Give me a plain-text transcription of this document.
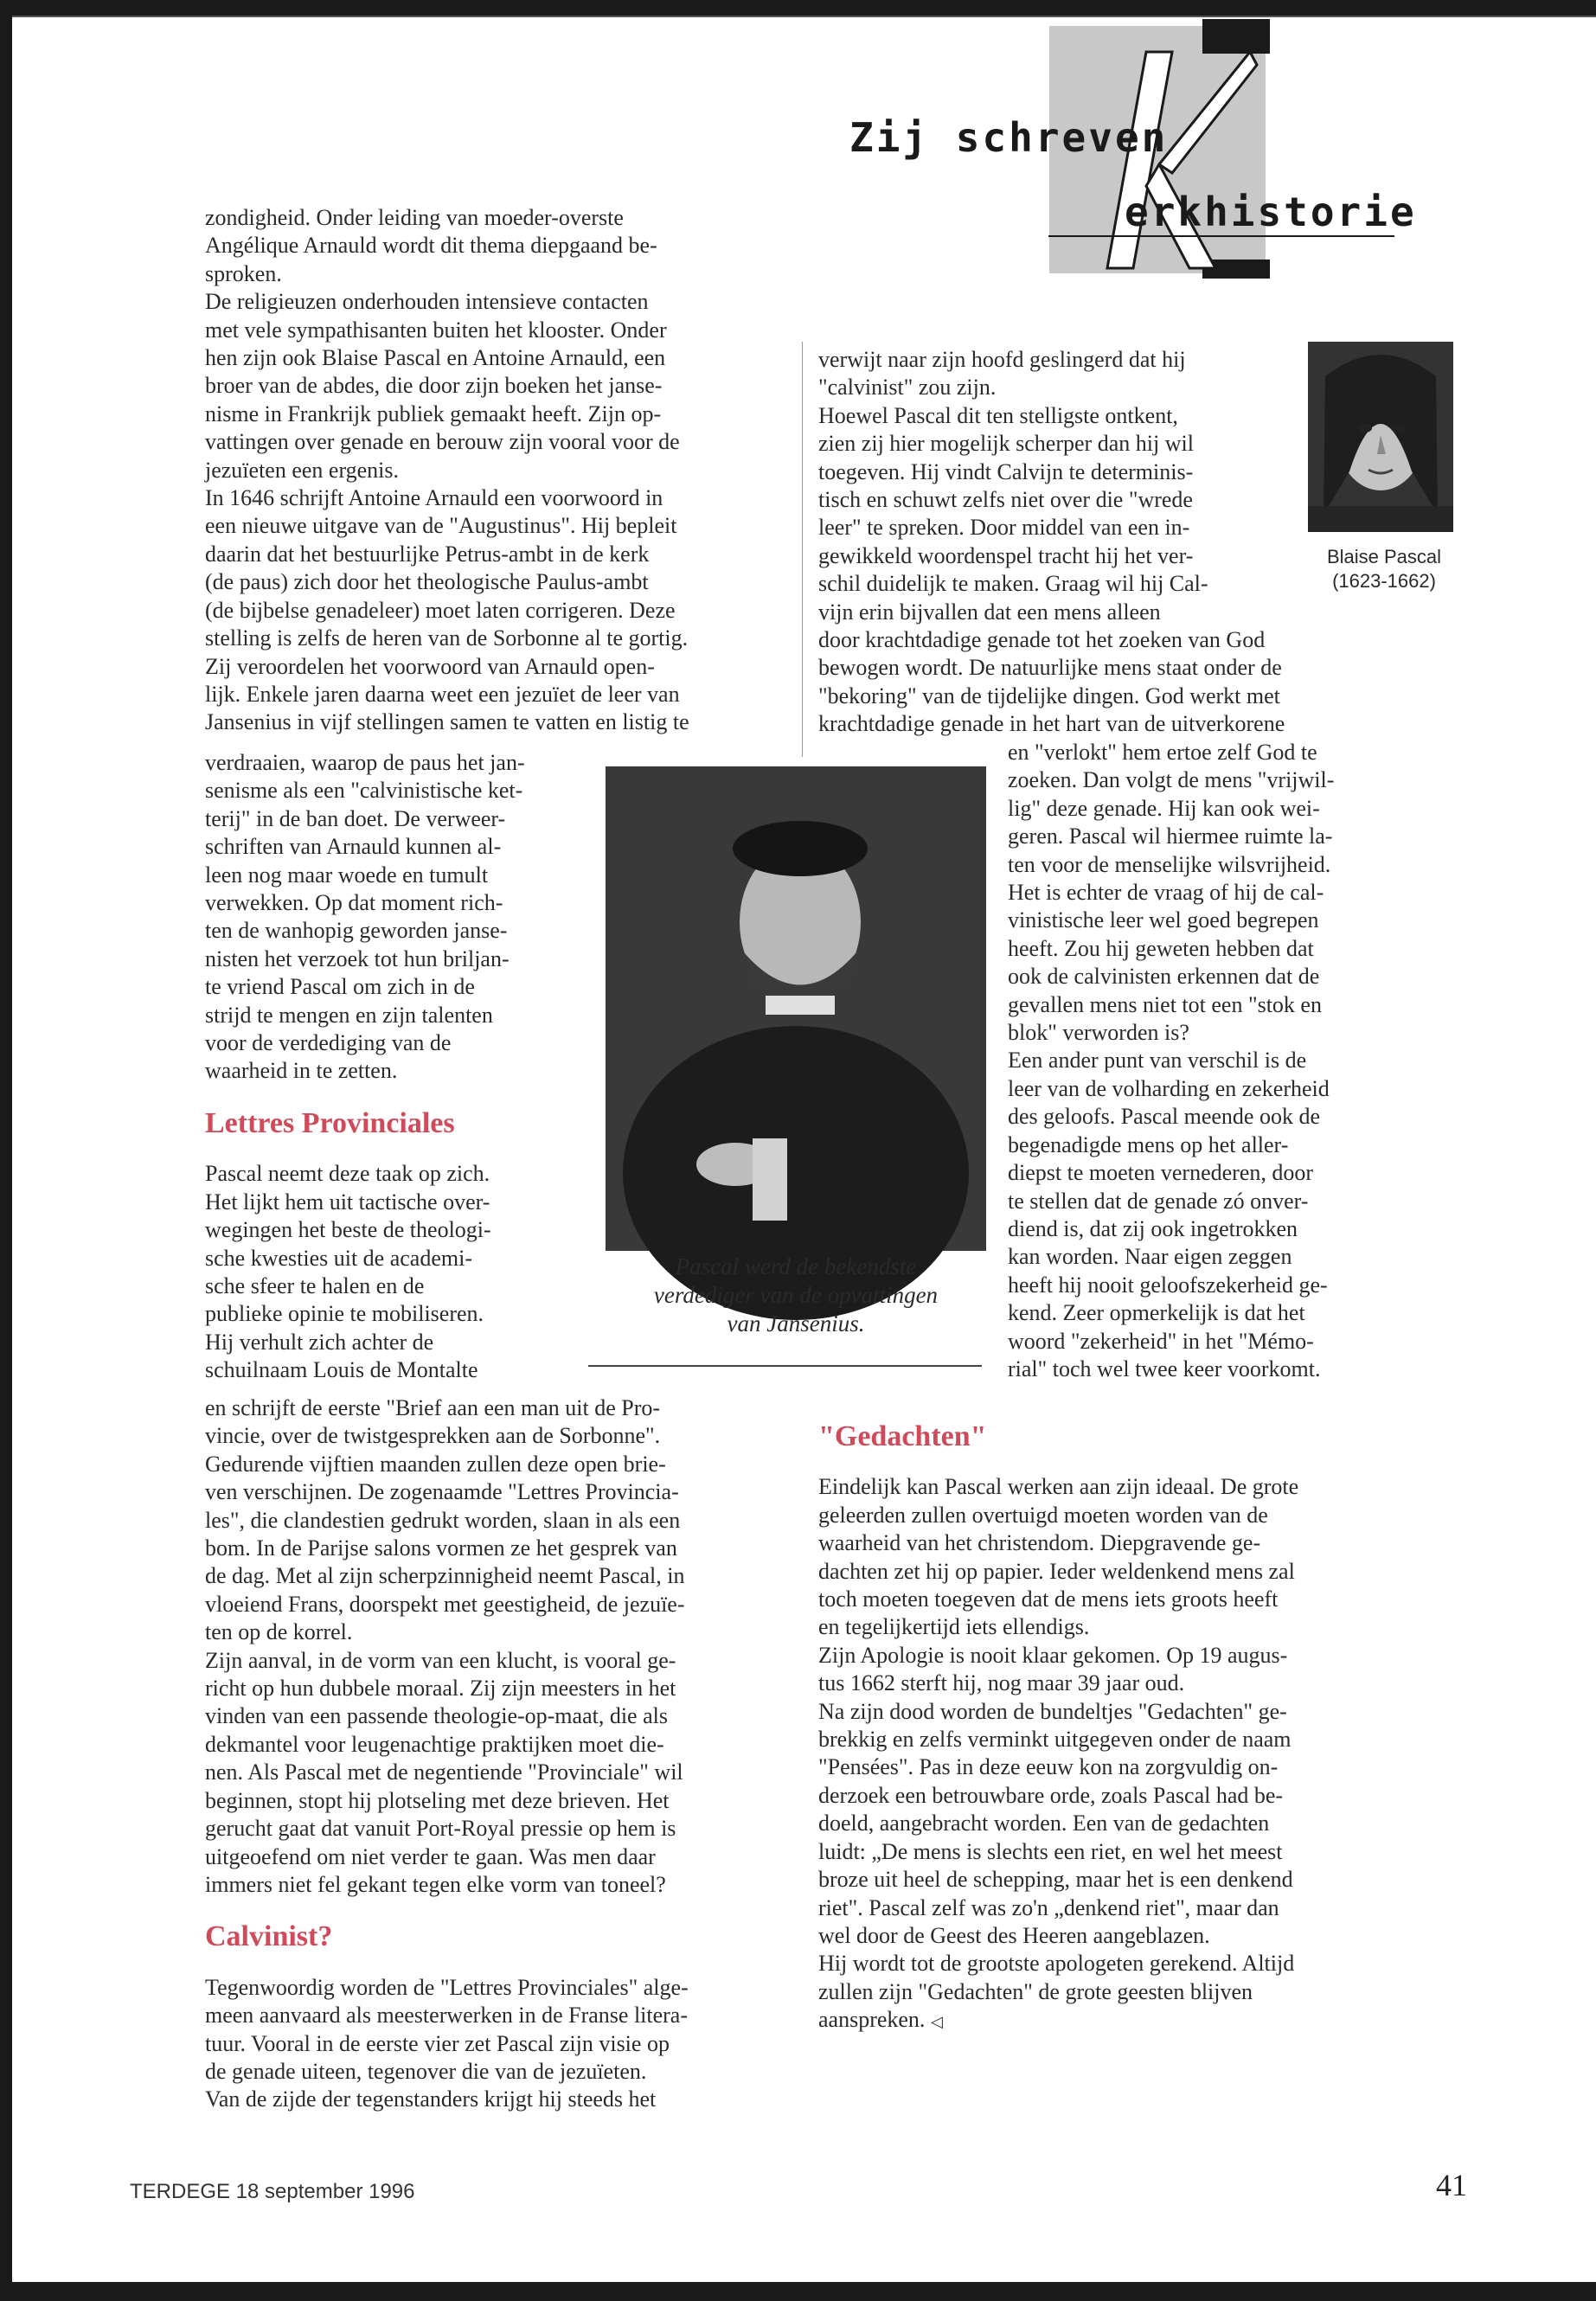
Zij schreven
erkhistorie

zondigheid. Onder leiding van moeder-overste

Angélique Arnauld wordt dit thema diepgaand be-

sproken.

De religieuzen onderhouden intensieve contacten

met vele sympathisanten buiten het klooster. Onder

hen zijn ook Blaise Pascal en Antoine Arnauld, een

broer van de abdes, die door zijn boeken het janse-

nisme in Frankrijk publiek gemaakt heeft. Zijn op-

vattingen over genade en berouw zijn vooral voor de

jezuïeten een ergenis.

In 1646 schrijft Antoine Arnauld een voorwoord in

een nieuwe uitgave van de "Augustinus". Hij bepleit

daarin dat het bestuurlijke Petrus-ambt in de kerk

(de paus) zich door het theologische Paulus-ambt

(de bijbelse genadeleer) moet laten corrigeren. Deze

stelling is zelfs de heren van de Sorbonne al te gortig.

Zij veroordelen het voorwoord van Arnauld open-

lijk. Enkele jaren daarna weet een jezuïet de leer van

Jansenius in vijf stellingen samen te vatten en listig te

verdraaien, waarop de paus het jan-

senisme als een "calvinistische ket-

terij" in de ban doet. De verweer-

schriften van Arnauld kunnen al-

leen nog maar woede en tumult

verwekken. Op dat moment rich-

ten de wanhopig geworden janse-

nisten het verzoek tot hun briljan-

te vriend Pascal om zich in de

strijd te mengen en zijn talenten

voor de verdediging van de

waarheid in te zetten.

Lettres Provinciales

Pascal neemt deze taak op zich.

Het lijkt hem uit tactische over-

wegingen het beste de theologi-

sche kwesties uit de academi-

sche sfeer te halen en de

publieke opinie te mobiliseren.

Hij verhult zich achter de

schuilnaam Louis de Montalte

en schrijft de eerste "Brief aan een man uit de Pro-

vincie, over de twistgesprekken aan de Sorbonne".

Gedurende vijftien maanden zullen deze open brie-

ven verschijnen. De zogenaamde "Lettres Provincia-

les", die clandestien gedrukt worden, slaan in als een

bom. In de Parijse salons vormen ze het gesprek van

de dag. Met al zijn scherpzinnigheid neemt Pascal, in

vloeiend Frans, doorspekt met geestigheid, de jezuïe-

ten op de korrel.

Zijn aanval, in de vorm van een klucht, is vooral ge-

richt op hun dubbele moraal. Zij zijn meesters in het

vinden van een passende theologie-op-maat, die als

dekmantel voor leugenachtige praktijken moet die-

nen. Als Pascal met de negentiende "Provinciale" wil

beginnen, stopt hij plotseling met deze brieven. Het

gerucht gaat dat vanuit Port-Royal pressie op hem is

uitgeoefend om niet verder te gaan. Was men daar

immers niet fel gekant tegen elke vorm van toneel?

Calvinist?

Tegenwoordig worden de "Lettres Provinciales" alge-

meen aanvaard als meesterwerken in de Franse litera-

tuur. Vooral in de eerste vier zet Pascal zijn visie op

de genade uiteen, tegenover die van de jezuïeten.

Van de zijde der tegenstanders krijgt hij steeds het

Pascal werd de bekendste
verdediger van de opvattingen
van Jansenius.

verwijt naar zijn hoofd geslingerd dat hij

"calvinist" zou zijn.

Hoewel Pascal dit ten stelligste ontkent,

zien zij hier mogelijk scherper dan hij wil

toegeven. Hij vindt Calvijn te determinis-

tisch en schuwt zelfs niet over die "wrede

leer" te spreken. Door middel van een in-

gewikkeld woordenspel tracht hij het ver-

schil duidelijk te maken. Graag wil hij Cal-

vijn erin bijvallen dat een mens alleen

Blaise Pascal
(1623-1662)

door krachtdadige genade tot het zoeken van God

bewogen wordt. De natuurlijke mens staat onder de

"bekoring" van de tijdelijke dingen. God werkt met

krachtdadige genade in het hart van de uitverkorene

en "verlokt" hem ertoe zelf God te

zoeken. Dan volgt de mens "vrijwil-

lig" deze genade. Hij kan ook wei-

geren. Pascal wil hiermee ruimte la-

ten voor de menselijke wilsvrijheid.

Het is echter de vraag of hij de cal-

vinistische leer wel goed begrepen

heeft. Zou hij geweten hebben dat

ook de calvinisten erkennen dat de

gevallen mens niet tot een "stok en

blok" verworden is?

Een ander punt van verschil is de

leer van de volharding en zekerheid

des geloofs. Pascal meende ook de

begenadigde mens op het aller-

diepst te moeten vernederen, door

te stellen dat de genade zó onver-

diend is, dat zij ook ingetrokken

kan worden. Naar eigen zeggen

heeft hij nooit geloofszekerheid ge-

kend. Zeer opmerkelijk is dat het

woord "zekerheid" in het "Mémo-

rial" toch wel twee keer voorkomt.

"Gedachten"

Eindelijk kan Pascal werken aan zijn ideaal. De grote

geleerden zullen overtuigd moeten worden van de

waarheid van het christendom. Diepgravende ge-

dachten zet hij op papier. Ieder weldenkend mens zal

toch moeten toegeven dat de mens iets groots heeft

en tegelijkertijd iets ellendigs.

Zijn Apologie is nooit klaar gekomen. Op 19 augus-

tus 1662 sterft hij, nog maar 39 jaar oud.

Na zijn dood worden de bundeltjes "Gedachten" ge-

brekkig en zelfs verminkt uitgegeven onder de naam

"Pensées". Pas in deze eeuw kon na zorgvuldig on-

derzoek een betrouwbare orde, zoals Pascal had be-

doeld, aangebracht worden. Een van de gedachten

luidt: „De mens is slechts een riet, en wel het meest

broze uit heel de schepping, maar het is een denkend

riet". Pascal zelf was zo'n „denkend riet", maar dan

wel door de Geest des Heeren aangeblazen.

Hij wordt tot de grootste apologeten gerekend. Altijd

zullen zijn "Gedachten" de grote geesten blijven

aanspreken. ◁

TERDEGE 18 september 1996	41
